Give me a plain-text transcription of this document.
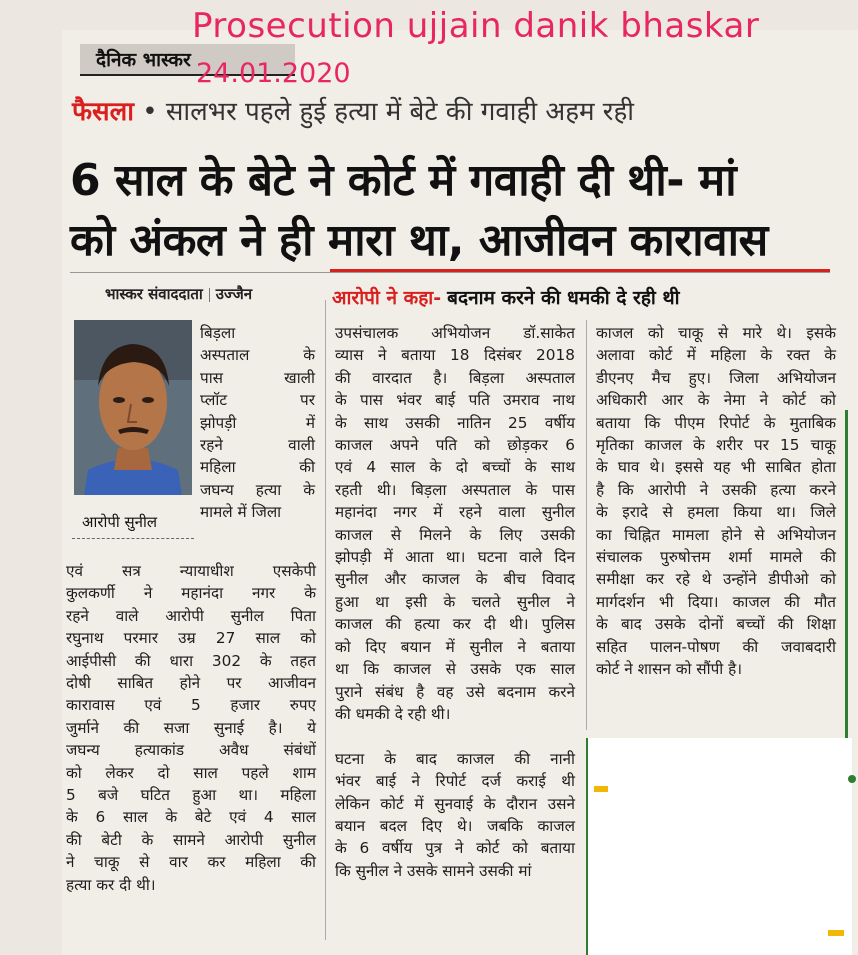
दैनिक भास्कर
Prosecution ujjain danik bhaskar
24.01.2020
फैसला • सालभर पहले हुई हत्या में बेटे की गवाही अहम रही
6 साल के बेटे ने कोर्ट में गवाही दी थी- मां
को अंकल ने ही मारा था, आजीवन कारावास
भास्कर संवाददाता उज्जैन	आरोपी ने कहा- बदनाम करने की धमकी दे रही थी
आरोपी सुनील
बिड़ला
अस्पताल के
पास खाली
प्लॉट पर
झोपड़ी में
रहने वाली
महिला की
जघन्य हत्या के
मामले में जिला
एवं सत्र न्यायाधीश एसकेपी
कुलकर्णी ने महानंदा नगर के
रहने वाले आरोपी सुनील पिता
रघुनाथ परमार उम्र 27 साल को
आईपीसी की धारा 302 के तहत
दोषी साबित होने पर आजीवन
कारावास एवं 5 हजार रुपए
जुर्माने की सजा सुनाई है। ये
जघन्य हत्याकांड अवैध संबंधों
को लेकर दो साल पहले शाम
5 बजे घटित हुआ था। महिला
के 6 साल के बेटे एवं 4 साल
की बेटी के सामने आरोपी सुनील
ने चाकू से वार कर महिला की
हत्या कर दी थी।
उपसंचालक अभियोजन डॉ.साकेत
व्यास ने बताया 18 दिसंबर 2018
की वारदात है। बिड़ला अस्पताल
के पास भंवर बाई पति उमराव नाथ
के साथ उसकी नातिन 25 वर्षीय
काजल अपने पति को छोड़कर 6
एवं 4 साल के दो बच्चों के साथ
रहती थी। बिड़ला अस्पताल के पास
महानंदा नगर में रहने वाला सुनील
काजल से मिलने के लिए उसकी
झोपड़ी में आता था। घटना वाले दिन
सुनील और काजल के बीच विवाद
हुआ था इसी के चलते सुनील ने
काजल की हत्या कर दी थी। पुलिस
को दिए बयान में सुनील ने बताया
था कि काजल से उसके एक साल
पुराने संबंध है वह उसे बदनाम करने
की धमकी दे रही थी।

घटना के बाद काजल की नानी
भंवर बाई ने रिपोर्ट दर्ज कराई थी
लेकिन कोर्ट में सुनवाई के दौरान उसने
बयान बदल दिए थे। जबकि काजल
के 6 वर्षीय पुत्र ने कोर्ट को बताया
कि सुनील ने उसके सामने उसकी मां
काजल को चाकू से मारे थे। इसके
अलावा कोर्ट में महिला के रक्त के
डीएनए मैच हुए। जिला अभियोजन
अधिकारी आर के नेमा ने कोर्ट को
बताया कि पीएम रिपोर्ट के मुताबिक
मृतिका काजल के शरीर पर 15 चाकू
के घाव थे। इससे यह भी साबित होता
है कि आरोपी ने उसकी हत्या करने
के इरादे से हमला किया था। जिले
का चिह्नित मामला होने से अभियोजन
संचालक पुरुषोत्तम शर्मा मामले की
समीक्षा कर रहे थे उन्होंने डीपीओ को
मार्गदर्शन भी दिया। काजल की मौत
के बाद उसके दोनों बच्चों की शिक्षा
सहित पालन-पोषण की जवाबदारी
कोर्ट ने शासन को सौंपी है।
